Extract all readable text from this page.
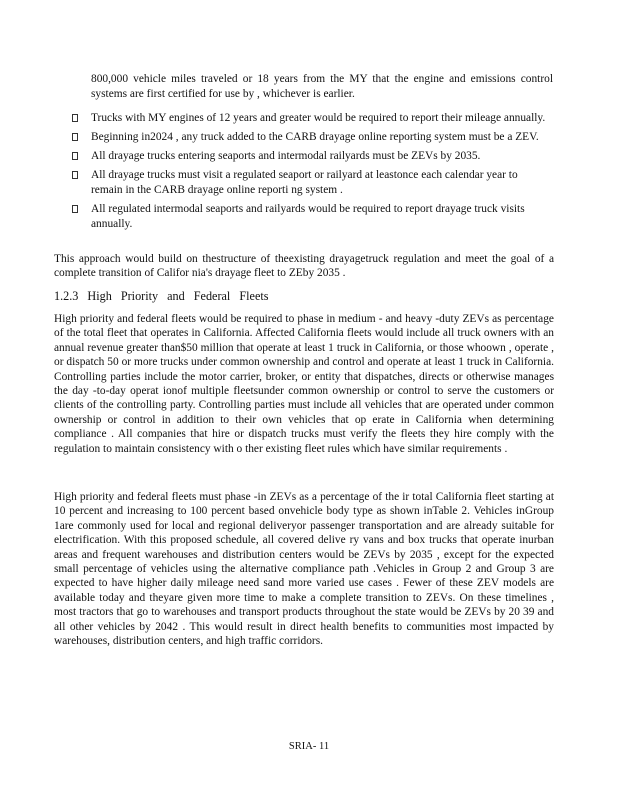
800,000 vehicle miles traveled or 18 years from the MY that the engine and emissions control systems are first certified for use by , whichever is earlier.
Trucks with MY engines of 12 years and greater would be required to report their mileage annually.
Beginning in2024 , any truck added to the CARB drayage online reporting system must be a ZEV.
All drayage trucks entering seaports and intermodal railyards must be ZEVs by 2035.
All drayage trucks must visit a regulated seaport or railyard at leastonce each calendar year to remain in the CARB drayage online reporti ng system .
All regulated intermodal seaports and railyards would be required to report drayage truck visits annually.

This approach would build on thestructure of theexisting drayagetruck regulation and meet the goal of a complete transition of Califor nia's drayage fleet to ZEby 2035 .

1.2.3 High Priority and Federal Fleets

High priority and federal fleets would be required to phase in medium - and heavy -duty ZEVs as percentage of the total fleet that operates in California. Affected California fleets would include all truck owners with an annual revenue greater than$50 million that operate at least 1 truck in California, or those whoown , operate , or dispatch 50 or more trucks under common ownership and control and operate at least 1 truck in California. Controlling parties include the motor carrier, broker, or entity that dispatches, directs or otherwise manages the day -to-day operat ionof multiple fleetsunder common ownership or control to serve the customers or clients of the controlling party. Controlling parties must include all vehicles that are operated under common ownership or control in addition to their own vehicles that op erate in California when determining compliance . All companies that hire or dispatch trucks must verify the fleets they hire comply with the regulation to maintain consistency with o ther existing fleet rules which have similar requirements .

High priority and federal fleets must phase -in ZEVs as a percentage of the ir total California fleet starting at 10 percent and increasing to 100 percent based onvehicle body type as shown inTable 2. Vehicles inGroup 1are commonly used for local and regional deliveryor passenger transportation and are already suitable for electrification. With this proposed schedule, all covered delive ry vans and box trucks that operate inurban areas and frequent warehouses and distribution centers would be ZEVs by 2035 , except for the expected small percentage of vehicles using the alternative compliance path .Vehicles in Group 2 and Group 3 are expected to have higher daily mileage need sand more varied use cases . Fewer of these ZEV models are available today and theyare given more time to make a complete transition to ZEVs. On these timelines , most tractors that go to warehouses and transport products throughout the state would be ZEVs by 20 39 and all other vehicles by 2042 . This would result in direct health benefits to communities most impacted by warehouses, distribution centers, and high traffic corridors.

SRIA- 11
